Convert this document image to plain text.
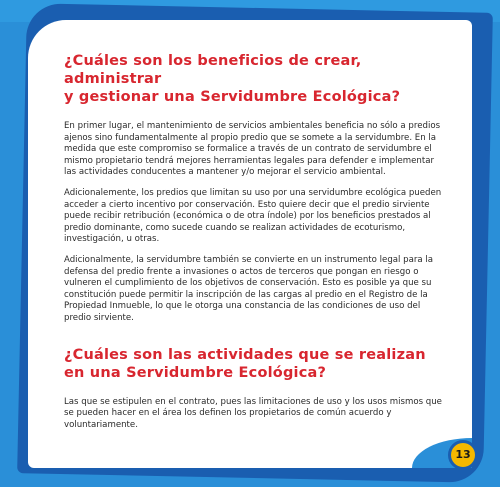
¿Cuáles son los beneficios de crear, administrar
y gestionar una Servidumbre Ecológica?

En primer lugar, el mantenimiento de servicios ambientales beneficia no sólo a predios
ajenos sino fundamentalmente al propio predio que se somete a la servidumbre. En la
medida que este compromiso se formalice a través de un contrato de servidumbre el
mismo propietario tendrá mejores herramientas legales para defender e implementar
las actividades conducentes a mantener y/o mejorar el servicio ambiental.

Adicionalemente, los predios que limitan su uso por una servidumbre ecológica pueden
acceder a cierto incentivo por conservación. Esto quiere decir que el predio sirviente
puede recibir retribución (económica o de otra índole) por los beneficios prestados al
predio dominante, como sucede cuando se realizan actividades de ecoturismo,
investigación, u otras.

Adicionalmente, la servidumbre también se convierte en un instrumento legal para la
defensa del predio frente a invasiones o actos de terceros que pongan en riesgo o
vulneren el cumplimiento de los objetivos de conservación. Esto es posible ya que su
constitución puede permitir la inscripción de las cargas al predio en el Registro de la
Propiedad Inmueble, lo que le otorga una constancia de las condiciones de uso del
predio sirviente.

¿Cuáles son las actividades que se realizan
en una Servidumbre Ecológica?

Las que se estipulen en el contrato, pues las limitaciones de uso y los usos mismos que
se pueden hacer en el área los definen los propietarios de común acuerdo y
voluntariamente.

13
